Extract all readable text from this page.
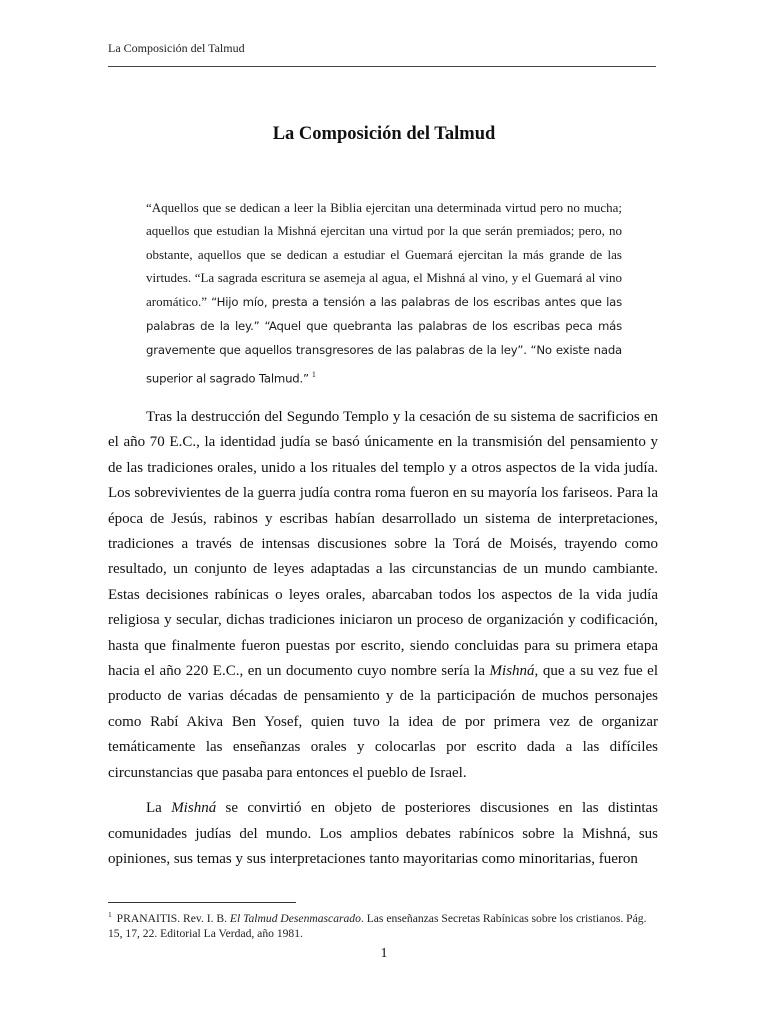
La Composición del Talmud
La Composición del Talmud

“Aquellos que se dedican a leer la Biblia ejercitan una determinada virtud pero no mucha; aquellos que estudian la Mishná ejercitan una virtud por la que serán premiados; pero, no obstante, aquellos que se dedican a estudiar el Guemará ejercitan la más grande de las virtudes. “La sagrada escritura se asemeja al agua, el Mishná al vino, y el Guemará al vino aromático.” “Hijo mío, presta a tensión a las palabras de los escribas antes que las palabras de la ley.” “Aquel que quebranta las palabras de los escribas peca más gravemente que aquellos transgresores de las palabras de la ley”. “No existe nada superior al sagrado Talmud.” $^1$

Tras la destrucción del Segundo Templo y la cesación de su sistema de sacrificios en el año 70 E.C., la identidad judía se basó únicamente en la transmisión del pensamiento y de las tradiciones orales, unido a los rituales del templo y a otros aspectos de la vida judía. Los sobrevivientes de la guerra judía contra roma fueron en su mayoría los fariseos. Para la época de Jesús, rabinos y escribas habían desarrollado un sistema de interpretaciones, tradiciones a través de intensas discusiones sobre la Torá de Moisés, trayendo como resultado, un conjunto de leyes adaptadas a las circunstancias de un mundo cambiante. Estas decisiones rabínicas o leyes orales, abarcaban todos los aspectos de la vida judía religiosa y secular, dichas tradiciones iniciaron un proceso de organización y codificación, hasta que finalmente fueron puestas por escrito, siendo concluidas para su primera etapa hacia el año 220 E.C., en un documento cuyo nombre sería la Mishná, que a su vez fue el producto de varias décadas de pensamiento y de la participación de muchos personajes como Rabí Akiva Ben Yosef, quien tuvo la idea de por primera vez de organizar temáticamente las enseñanzas orales y colocarlas por escrito dada a las difíciles circunstancias que pasaba para entonces el pueblo de Israel.

La Mishná se convirtió en objeto de posteriores discusiones en las distintas comunidades judías del mundo. Los amplios debates rabínicos sobre la Mishná, sus opiniones, sus temas y sus interpretaciones tanto mayoritarias como minoritarias, fueron

$^1$ PRANAITIS. Rev. I. B. El Talmud Desenmascarado. Las enseñanzas Secretas Rabínicas sobre los cristianos. Pág. 15, 17, 22. Editorial La Verdad, año 1981.
1
